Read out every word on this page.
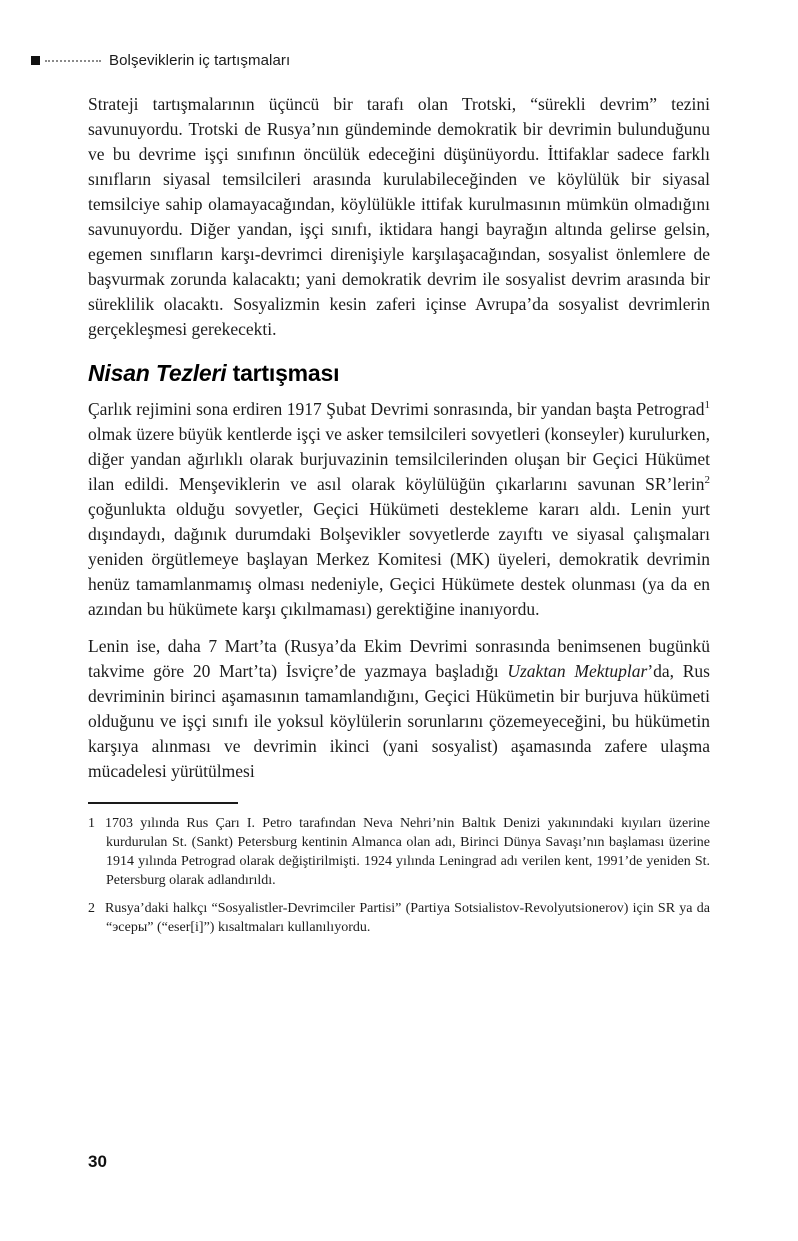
Bolşeviklerin iç tartışmaları

Strateji tartışmalarının üçüncü bir tarafı olan Trotski, “sürekli devrim” tezini savunuyordu. Trotski de Rusya’nın gündeminde demokratik bir devrimin bulunduğunu ve bu devrime işçi sınıfının öncülük edeceğini düşünüyordu. İttifaklar sadece farklı sınıfların siyasal temsilcileri arasında kurulabileceğinden ve köylülük bir siyasal temsilciye sahip olamayacağından, köylülükle ittifak kurulmasının mümkün olmadığını savunuyordu. Diğer yandan, işçi sınıfı, iktidara hangi bayrağın altında gelirse gelsin, egemen sınıfların karşı-devrimci direnişiyle karşılaşacağından, sosyalist önlemlere de başvurmak zorunda kalacaktı; yani demokratik devrim ile sosyalist devrim arasında bir süreklilik olacaktı. Sosyalizmin kesin zaferi içinse Avrupa’da sosyalist devrimlerin gerçekleşmesi gerekecekti.

Nisan Tezleri tartışması

Çarlık rejimini sona erdiren 1917 Şubat Devrimi sonrasında, bir yandan başta Petrograd$^1$ olmak üzere büyük kentlerde işçi ve asker temsilcileri sovyetleri (konseyler) kurulurken, diğer yandan ağırlıklı olarak burjuvazinin temsilcilerinden oluşan bir Geçici Hükümet ilan edildi. Menşeviklerin ve asıl olarak köylülüğün çıkarlarını savunan SR’lerin$^2$ çoğunlukta olduğu sovyetler, Geçici Hükümeti destekleme kararı aldı. Lenin yurt dışındaydı, dağınık durumdaki Bolşevikler sovyetlerde zayıftı ve siyasal çalışmaları yeniden örgütlemeye başlayan Merkez Komitesi (MK) üyeleri, demokratik devrimin henüz tamamlanmamış olması nedeniyle, Geçici Hükümete destek olunması (ya da en azından bu hükümete karşı çıkılmaması) gerektiğine inanıyordu.

Lenin ise, daha 7 Mart’ta (Rusya’da Ekim Devrimi sonrasında benimsenen bugünkü takvime göre 20 Mart’ta) İsviçre’de yazmaya başladığı Uzaktan Mektuplar’da, Rus devriminin birinci aşamasının tamamlandığını, Geçici Hükümetin bir burjuva hükümeti olduğunu ve işçi sınıfı ile yoksul köylülerin sorunlarını çözemeyeceğini, bu hükümetin karşıya alınması ve devrimin ikinci (yani sosyalist) aşamasında zafere ulaşma mücadelesi yürütülmesi

1 1703 yılında Rus Çarı I. Petro tarafından Neva Nehri’nin Baltık Denizi yakınındaki kıyıları üzerine kurdurulan St. (Sankt) Petersburg kentinin Almanca olan adı, Birinci Dünya Savaşı’nın başlaması üzerine 1914 yılında Petrograd olarak değiştirilmişti. 1924 yılında Leningrad adı verilen kent, 1991’de yeniden St. Petersburg olarak adlandırıldı.
2 Rusya’daki halkçı “Sosyalistler-Devrimciler Partisi” (Partiya Sotsialistov-Revolyutsionerov) için SR ya da “эсеры” (“eser[i]”) kısaltmaları kullanılıyordu.
30
